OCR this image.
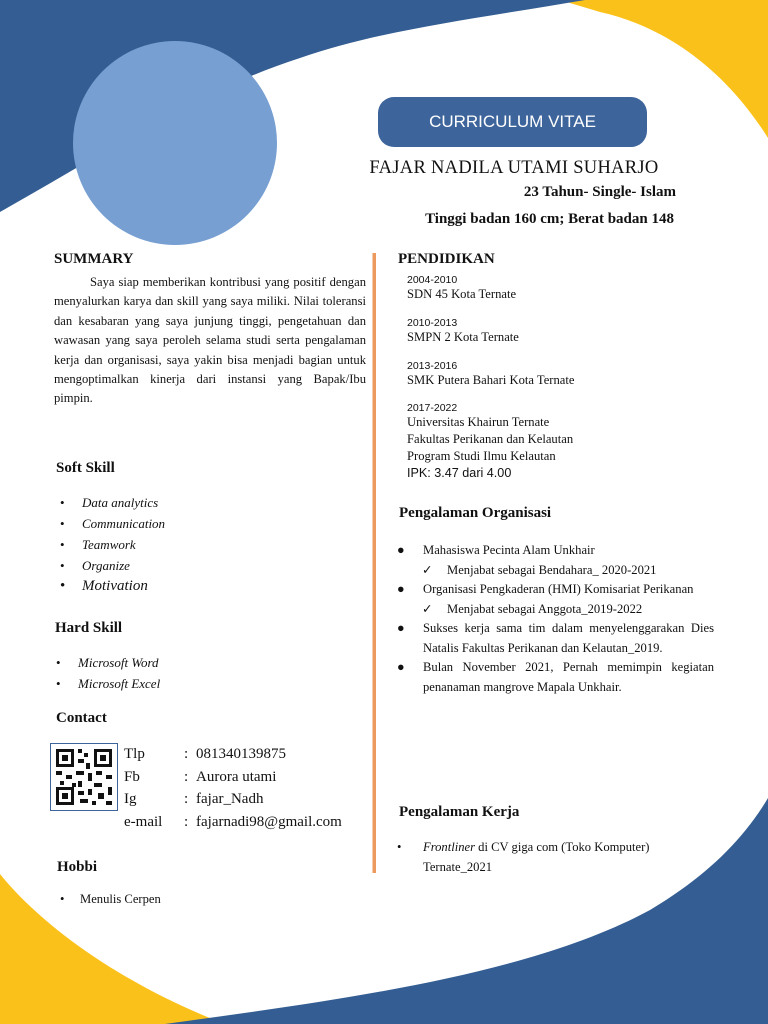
CURRICULUM VITAE
FAJAR NADILA UTAMI SUHARJO
23 Tahun- Single- Islam
Tinggi badan 160 cm; Berat badan 148
SUMMARY
Saya siap memberikan kontribusi yang positif dengan menyalurkan karya dan skill yang saya miliki. Nilai toleransi dan kesabaran yang saya junjung tinggi, pengetahuan dan wawasan yang saya peroleh selama studi serta pengalaman kerja dan organisasi, saya yakin bisa menjadi bagian untuk mengoptimalkan kinerja dari instansi yang Bapak/Ibu pimpin.
Soft Skill
• Data analytics
• Communication
• Teamwork
• Organize
• Motivation
Hard Skill
• Microsoft Word
• Microsoft Excel
Contact
Tlp	: 081340139875
Fb	: Aurora utami
Ig	: fajar_Nadh
e-mail	: fajarnadi98@gmail.com
Hobbi
• Menulis Cerpen
PENDIDIKAN
2004-2010
SDN 45 Kota Ternate
2010-2013
SMPN 2 Kota Ternate
2013-2016
SMK Putera Bahari Kota Ternate
2017-2022
Universitas Khairun Ternate
Fakultas Perikanan dan Kelautan
Program Studi Ilmu Kelautan
IPK: 3.47 dari 4.00
Pengalaman Organisasi
● Mahasiswa Pecinta Alam Unkhair
✓ Menjabat sebagai Bendahara_ 2020-2021
● Organisasi Pengkaderan (HMI) Komisariat Perikanan
✓ Menjabat sebagai Anggota_2019-2022
● Sukses kerja sama tim dalam menyelenggarakan Dies Natalis Fakultas Perikanan dan Kelautan_2019.
● Bulan November 2021, Pernah memimpin kegiatan penanaman mangrove Mapala Unkhair.
Pengalaman Kerja
• Frontliner di CV giga com (Toko Komputer) Ternate_2021
